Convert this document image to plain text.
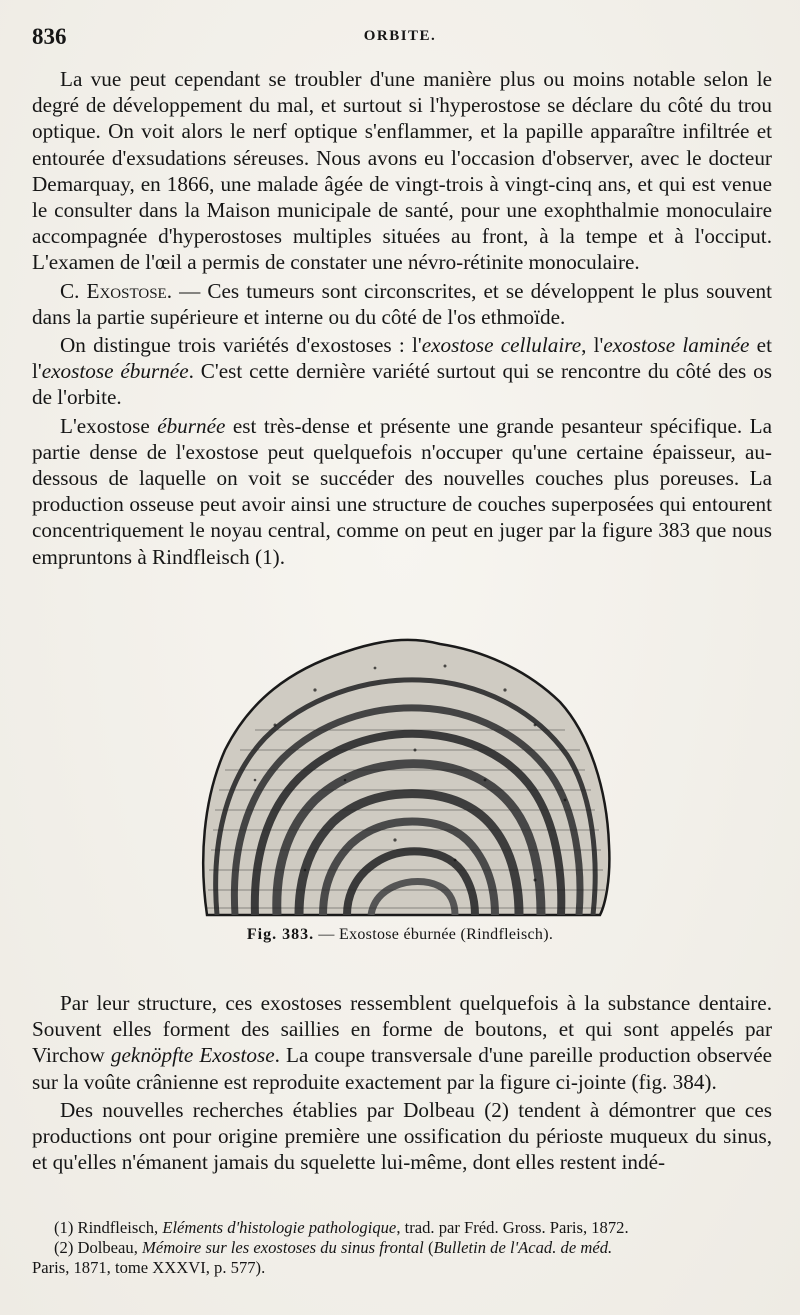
836	ORBITE.

La vue peut cependant se troubler d'une manière plus ou moins notable selon le degré de développement du mal, et surtout si l'hyperostose se déclare du côté du trou optique. On voit alors le nerf optique s'enflammer, et la papille apparaître infiltrée et entourée d'exsudations séreuses. Nous avons eu l'occasion d'observer, avec le docteur Demarquay, en 1866, une malade âgée de vingt-trois à vingt-cinq ans, et qui est venue le consulter dans la Maison municipale de santé, pour une exophthalmie monoculaire accompagnée d'hyperostoses multiples situées au front, à la tempe et à l'occiput. L'examen de l'œil a permis de constater une névro-rétinite monoculaire.

C. Exostose. — Ces tumeurs sont circonscrites, et se développent le plus souvent dans la partie supérieure et interne ou du côté de l'os ethmoïde.

On distingue trois variétés d'exostoses : l'exostose cellulaire, l'exostose laminée et l'exostose éburnée. C'est cette dernière variété surtout qui se rencontre du côté des os de l'orbite.

L'exostose éburnée est très-dense et présente une grande pesanteur spécifique. La partie dense de l'exostose peut quelquefois n'occuper qu'une certaine épaisseur, au-dessous de laquelle on voit se succéder des nouvelles couches plus poreuses. La production osseuse peut avoir ainsi une structure de couches superposées qui entourent concentriquement le noyau central, comme on peut en juger par la figure 383 que nous empruntons à Rindfleisch (1).

Fig. 383. — Exostose éburnée (Rindfleisch).

Par leur structure, ces exostoses ressemblent quelquefois à la substance dentaire. Souvent elles forment des saillies en forme de boutons, et qui sont appelés par Virchow geknöpfte Exostose. La coupe transversale d'une pareille production observée sur la voûte crânienne est reproduite exactement par la figure ci-jointe (fig. 384).

Des nouvelles recherches établies par Dolbeau (2) tendent à démontrer que ces productions ont pour origine première une ossification du périoste muqueux du sinus, et qu'elles n'émanent jamais du squelette lui-même, dont elles restent indé-

(1) Rindfleisch, Eléments d'histologie pathologique, trad. par Fréd. Gross. Paris, 1872.

(2) Dolbeau, Mémoire sur les exostoses du sinus frontal (Bulletin de l'Acad. de méd.

Paris, 1871, tome XXXVI, p. 577).
